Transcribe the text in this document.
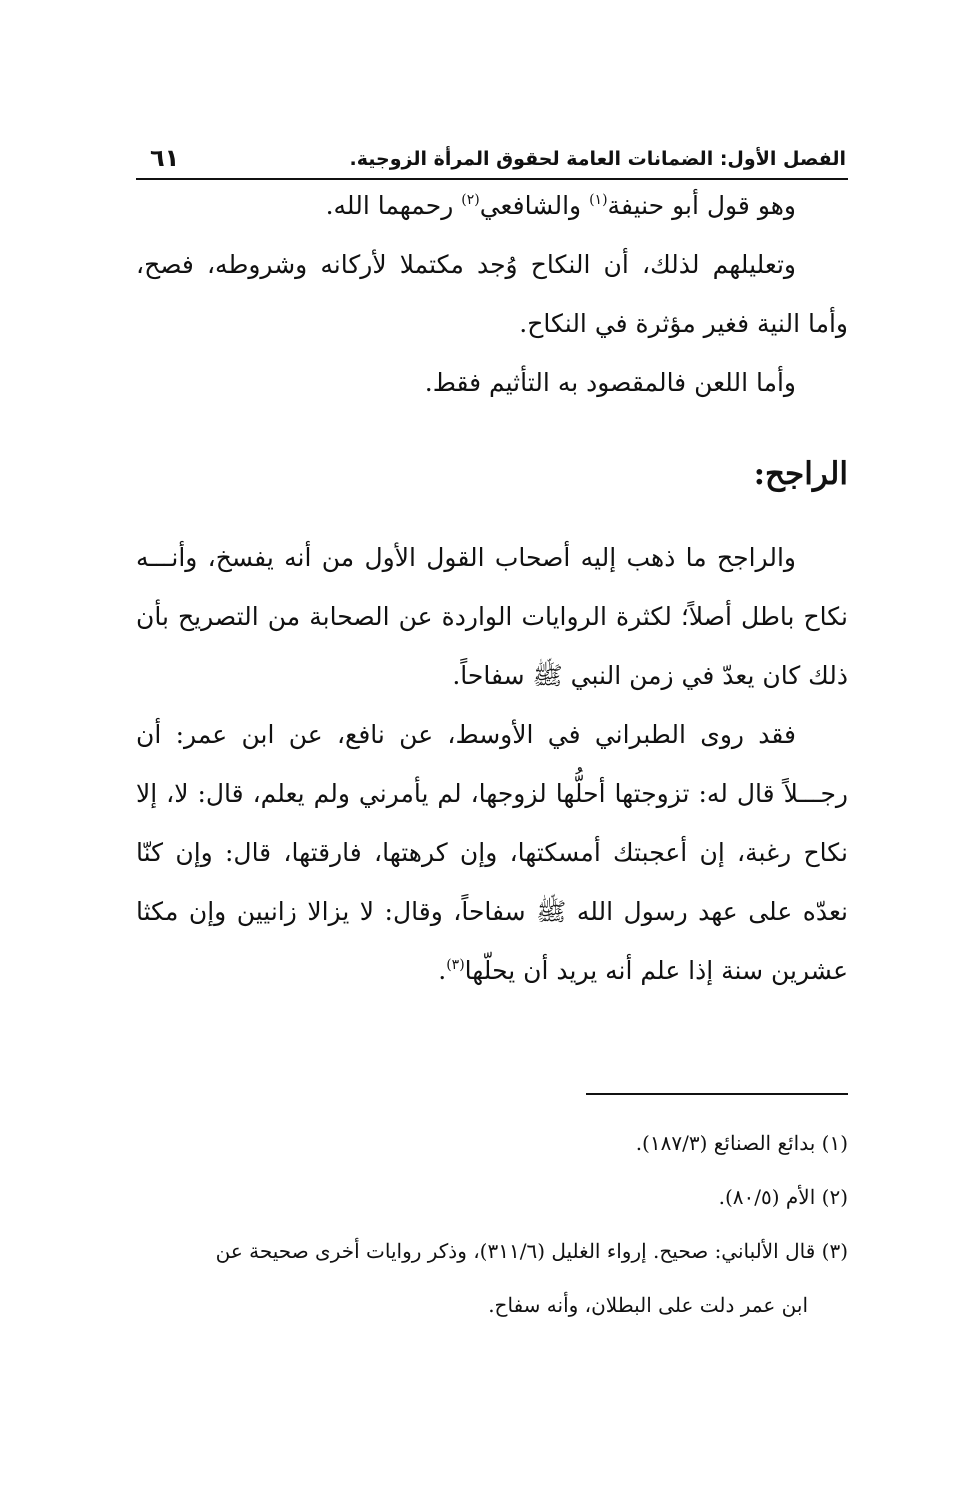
الفصل الأول: الضمانات العامة لحقوق المرأة الزوجية.
٦١

وهو قول أبو حنيفة$^{(١)}$ والشافعي$^{(٢)}$ رحمهما الله.

وتعليلهم لذلك، أن النكاح وُجد مكتملا لأركانه وشروطه، فصح، وأما النية فغير مؤثرة في النكاح.

وأما اللعن فالمقصود به التأثيم فقط.

الراجح:

والراجح ما ذهب إليه أصحاب القول الأول من أنه يفسخ، وأنـــه نكاح باطل أصلاً؛ لكثرة الروايات الواردة عن الصحابة من التصريح بأن ذلك كان يعدّ في زمن النبي ﷺ سفاحاً.

فقد روى الطبراني في الأوسط، عن نافع، عن ابن عمر: أن رجـــلاً قال له: تزوجتها أحلُّها لزوجها، لم يأمرني ولم يعلم، قال: لا، إلا نكاح رغبة، إن أعجبتك أمسكتها، وإن كرهتها، فارقتها، قال: وإن كنّا نعدّه على عهد رسول الله ﷺ سفاحاً، وقال: لا يزالا زانيين وإن مكثا عشرين سنة إذا علم أنه يريد أن يحلّها$^{(٣)}$.

(١) بدائع الصنائع (١٨٧/٣).

(٢) الأم (٨٠/٥).

(٣) قال الألباني: صحيح. إرواء الغليل (٣١١/٦)، وذكر روايات أخرى صحيحة عن

ابن عمر دلت على البطلان، وأنه سفاح.
